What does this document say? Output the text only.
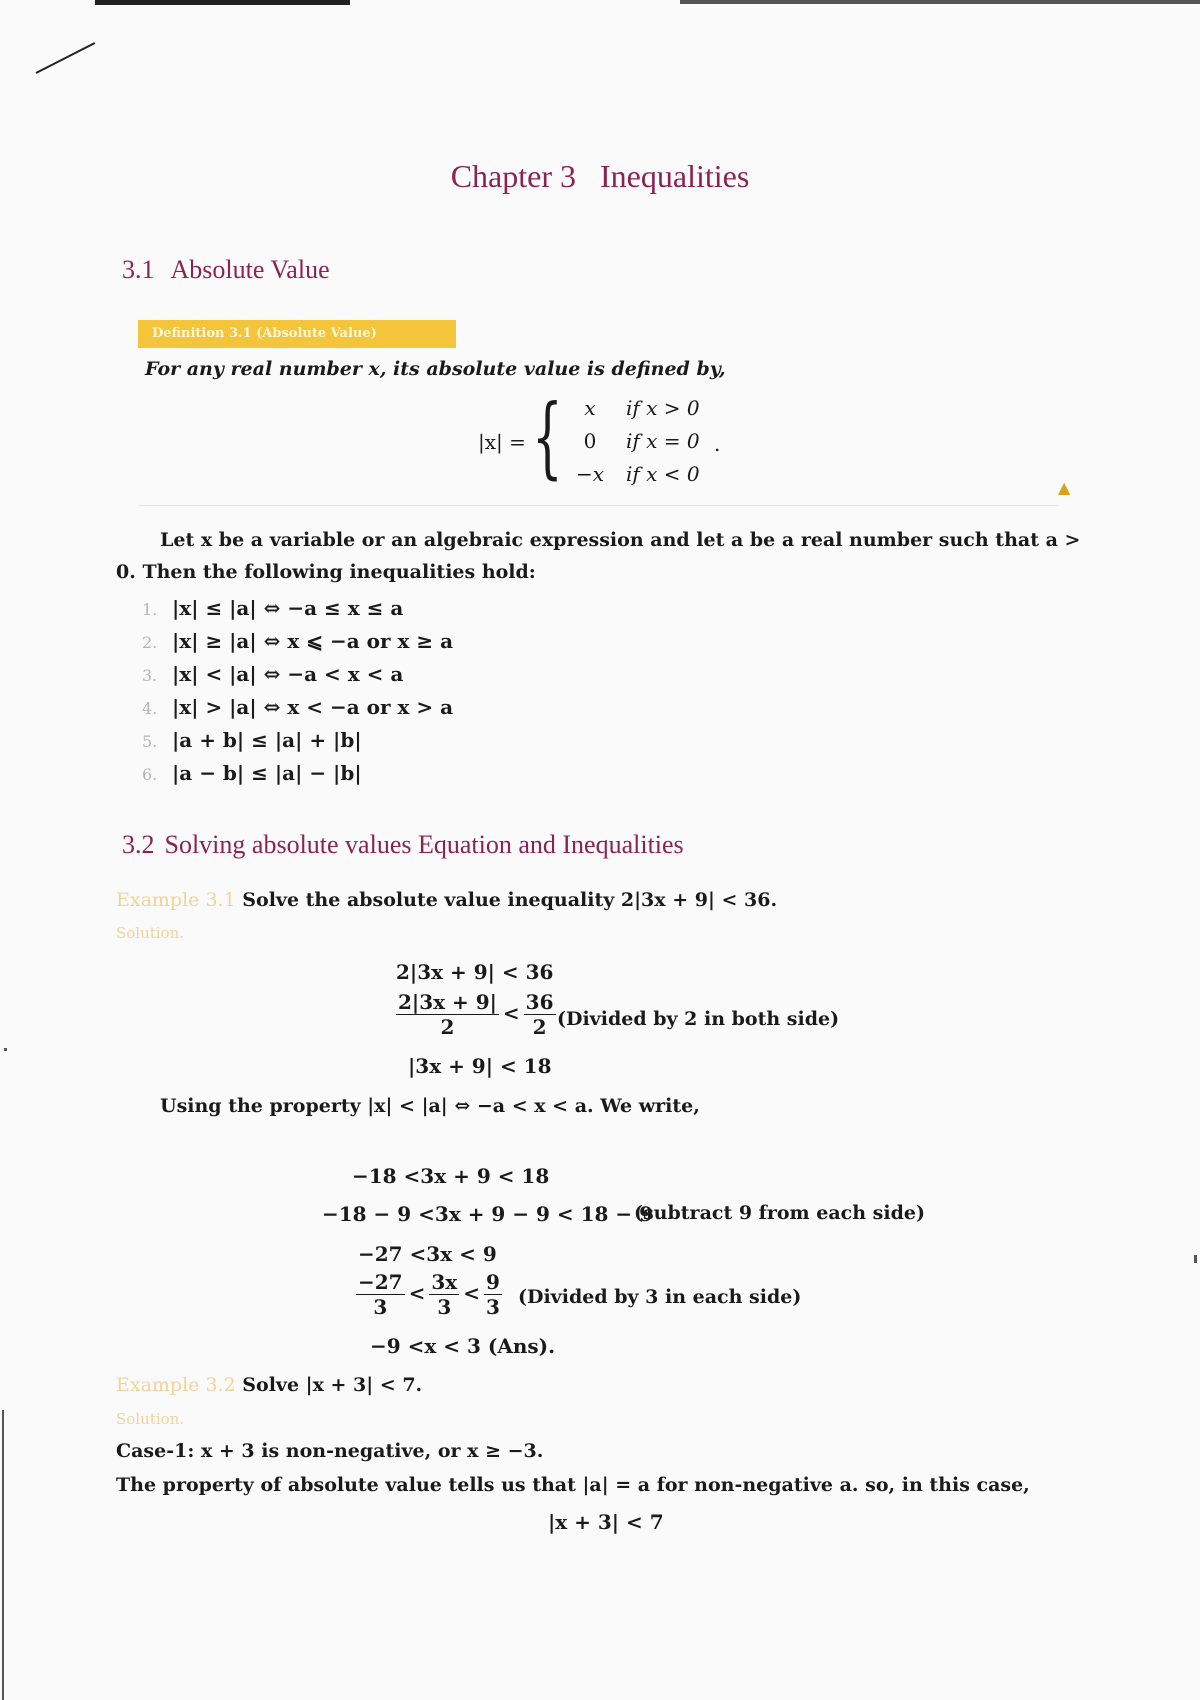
Chapter 3 Inequalities
3.1 Absolute Value
Definition 3.1 (Absolute Value)
For any real number x, its absolute value is defined by,
|x| = {	x if x > 0
0 if x = 0
−x if x < 0
.
▲
Let x be a variable or an algebraic expression and let a be a real number such that a > 0. Then the following inequalities hold:
1. |x| ≤ |a| ⇔ −a ≤ x ≤ a
2. |x| ≥ |a| ⇔ x ⩽ −a or x ≥ a
3. |x| < |a| ⇔ −a < x < a
4. |x| > |a| ⇔ x < −a or x > a
5. |a + b| ≤ |a| + |b|
6. |a − b| ≤ |a| − |b|
3.2 Solving absolute values Equation and Inequalities
Example 3.1 Solve the absolute value inequality 2|3x + 9| < 36.
Solution.
2|3x + 9| < 36
$\frac{2|3x + 9|}{2} < \frac{36}{2}$ (Divided by 2 in both side)
|3x + 9| < 18
Using the property |x| < |a| ⇔ −a < x < a. We write,
−18 <3x + 9 < 18
−18 − 9 <3x + 9 − 9 < 18 − 9
(subtract 9 from each side)
−27 <3x < 9
$\frac{-27}{3} < \frac{3x}{3} < \frac{9}{3}$ (Divided by 3 in each side)
−9 <x < 3 (Ans).
Example 3.2 Solve |x + 3| < 7.
Solution.
Case-1: x + 3 is non-negative, or x ≥ −3.
The property of absolute value tells us that |a| = a for non-negative a. so, in this case,
|x + 3| < 7
